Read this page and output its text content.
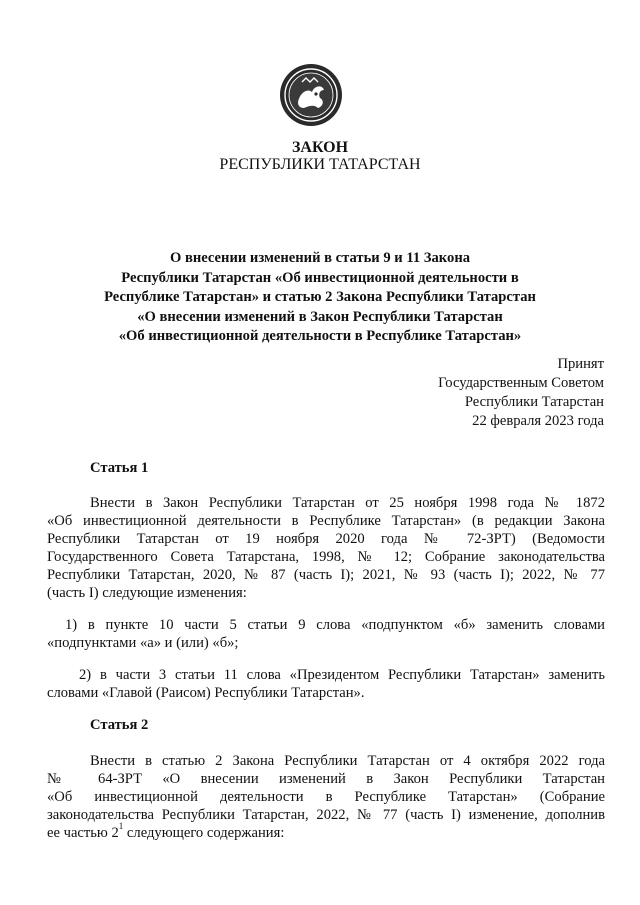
ЗАКОН
РЕСПУБЛИКИ ТАТАРСТАН
О внесении изменений в статьи 9 и 11 Закона
Республики Татарстан «Об инвестиционной деятельности в
Республике Татарстан» и статью 2 Закона Республики Татарстан
«О внесении изменений в Закон Республики Татарстан
«Об инвестиционной деятельности в Республике Татарстан»
Принят
Государственным Советом
Республики Татарстан
22 февраля 2023 года
Статья 1
Внести в Закон Республики Татарстан от 25 ноября 1998 года № 1872
«Об инвестиционной деятельности в Республике Татарстан» (в редакции Закона
Республики Татарстан от 19 ноября 2020 года № 72-ЗРТ) (Ведомости
Государственного Совета Татарстана, 1998, № 12; Собрание законодательства
Республики Татарстан, 2020, № 87 (часть I); 2021, № 93 (часть I); 2022, № 77
(часть I) следующие изменения:
1) в пункте 10 части 5 статьи 9 слова «подпунктом «б» заменить словами
«подпунктами «а» и (или) «б»;
2) в части 3 статьи 11 слова «Президентом Республики Татарстан» заменить
словами «Главой (Раисом) Республики Татарстан».
Статья 2
Внести в статью 2 Закона Республики Татарстан от 4 октября 2022 года
№ 64-ЗРТ «О внесении изменений в Закон Республики Татарстан
«Об инвестиционной деятельности в Республике Татарстан» (Собрание
законодательства Республики Татарстан, 2022, № 77 (часть I) изменение, дополнив
ее частью $2^1$ следующего содержания:
